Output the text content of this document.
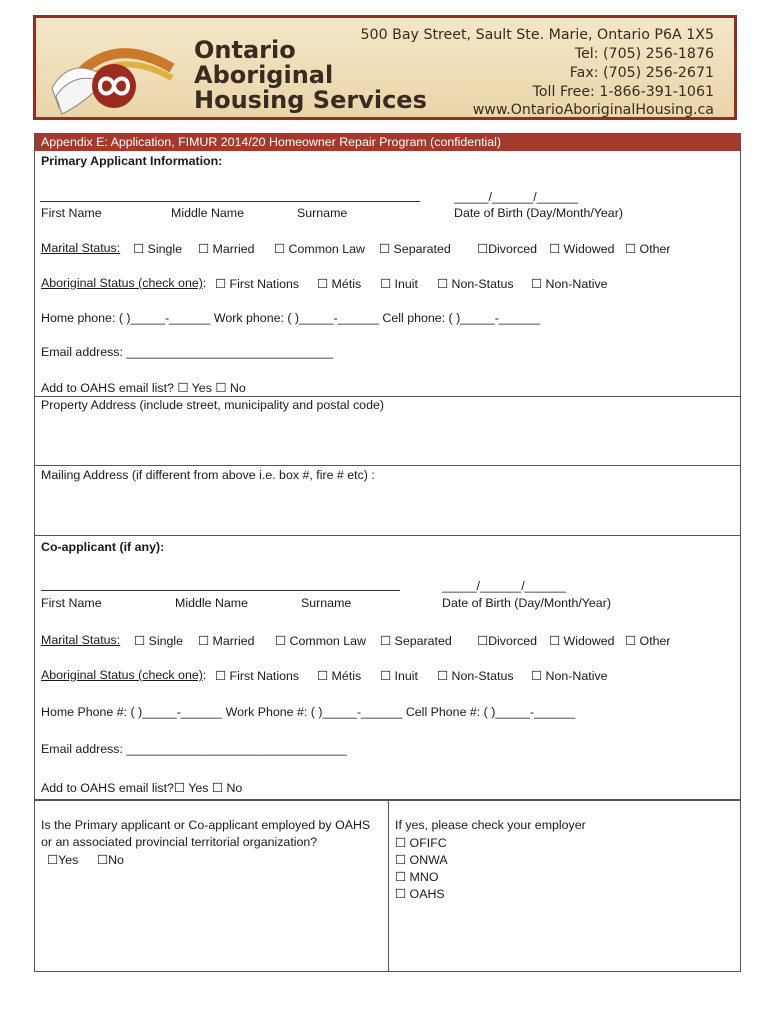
Ontario
Aboriginal
Housing Services
500 Bay Street, Sault Ste. Marie, Ontario P6A 1X5
Tel: (705) 256-1876
Fax: (705) 256-2671
Toll Free: 1-866-391-1061
www.OntarioAboriginalHousing.ca
Appendix E: Application, FIMUR 2014/20 Homeowner Repair Program (confidential)
Primary Applicant Information:
_____/______/______
First Name	Middle Name	Surname	Date of Birth (Day/Month/Year)
Marital Status: ☐ Single ☐ Married ☐ Common Law ☐ Separated ☐Divorced ☐ Widowed ☐ Other
Aboriginal Status (check one): ☐ First Nations ☐ Métis ☐ Inuit ☐ Non-Status ☐ Non-Native
Home phone: ( )_____-______ Work phone: ( )_____-______ Cell phone: ( )_____-______
Email address: ______________________________
Add to OAHS email list? ☐ Yes ☐ No
Property Address (include street, municipality and postal code)
Mailing Address (if different from above i.e. box #, fire # etc) :
Co-applicant (if any):
_____/______/______
First Name	Middle Name	Surname	Date of Birth (Day/Month/Year)
Marital Status: ☐ Single ☐ Married ☐ Common Law ☐ Separated ☐Divorced ☐ Widowed ☐ Other
Aboriginal Status (check one): ☐ First Nations ☐ Métis ☐ Inuit ☐ Non-Status ☐ Non-Native
Home Phone #: ( )_____-______ Work Phone #: ( )_____-______ Cell Phone #: ( )_____-______
Email address: ________________________________
Add to OAHS email list?☐ Yes ☐ No
Is the Primary applicant or Co-applicant employed by OAHS
or an associated provincial territorial organization?
☐Yes ☐No
If yes, please check your employer
☐ OFIFC
☐ ONWA
☐ MNO
☐ OAHS
